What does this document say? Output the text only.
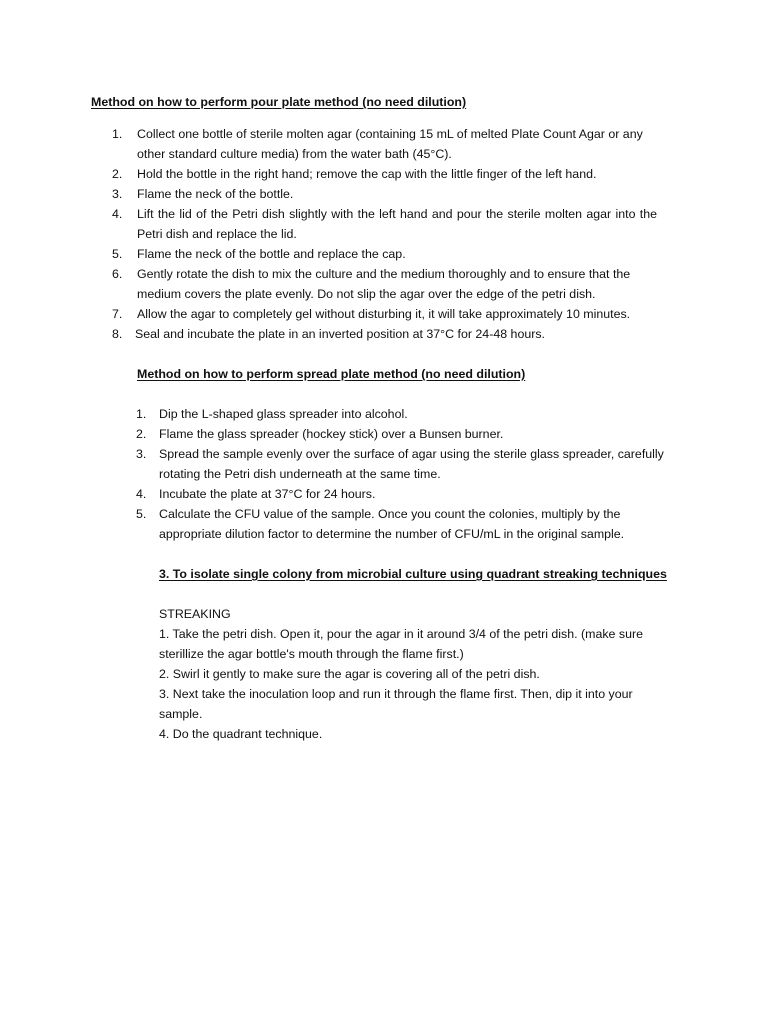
Method on how to perform pour plate method (no need dilution)
1. Collect one bottle of sterile molten agar (containing 15 mL of melted Plate Count Agar or any other standard culture media) from the water bath (45°C).
2. Hold the bottle in the right hand; remove the cap with the little finger of the left hand.
3. Flame the neck of the bottle.
4. Lift the lid of the Petri dish slightly with the left hand and pour the sterile molten agar into the Petri dish and replace the lid.
5. Flame the neck of the bottle and replace the cap.
6. Gently rotate the dish to mix the culture and the medium thoroughly and to ensure that the medium covers the plate evenly. Do not slip the agar over the edge of the petri dish.
7. Allow the agar to completely gel without disturbing it, it will take approximately 10 minutes.
8. Seal and incubate the plate in an inverted position at 37°C for 24-48 hours.
Method on how to perform spread plate method (no need dilution)
1. Dip the L-shaped glass spreader into alcohol.
2. Flame the glass spreader (hockey stick) over a Bunsen burner.
3. Spread the sample evenly over the surface of agar using the sterile glass spreader, carefully rotating the Petri dish underneath at the same time.
4. Incubate the plate at 37°C for 24 hours.
5. Calculate the CFU value of the sample. Once you count the colonies, multiply by the appropriate dilution factor to determine the number of CFU/mL in the original sample.
3. To isolate single colony from microbial culture using quadrant streaking techniques
STREAKING
1. Take the petri dish. Open it, pour the agar in it around 3/4 of the petri dish. (make sure sterillize the agar bottle's mouth through the flame first.)
2. Swirl it gently to make sure the agar is covering all of the petri dish.
3. Next take the inoculation loop and run it through the flame first. Then, dip it into your sample.
4. Do the quadrant technique.
